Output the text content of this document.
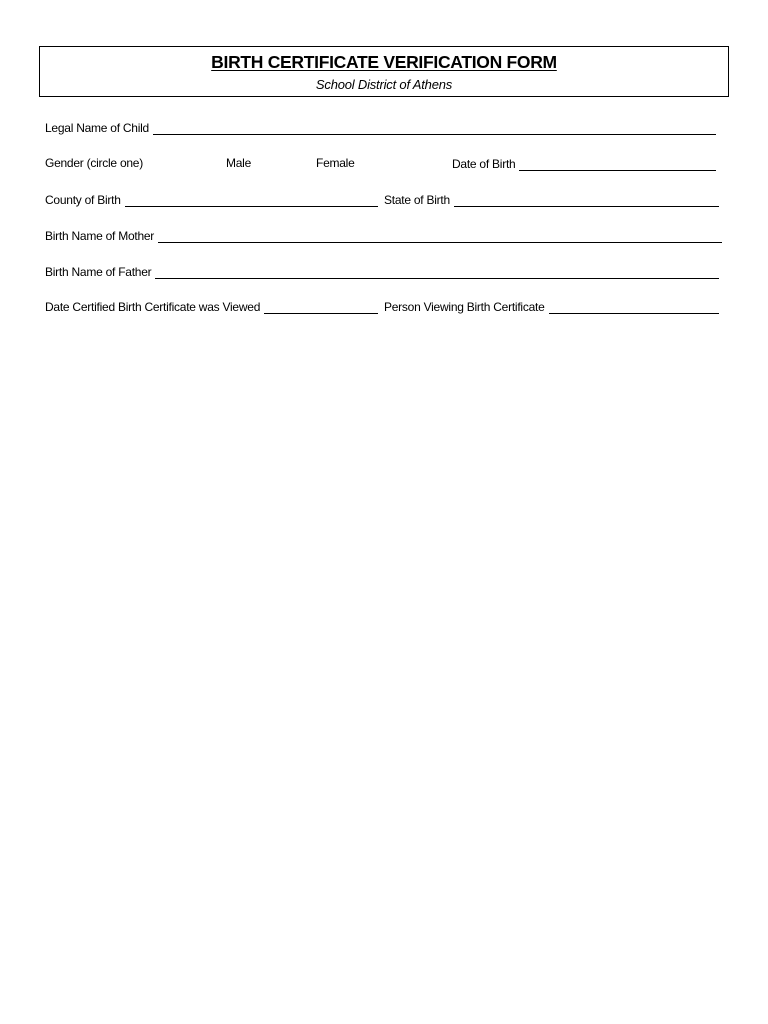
BIRTH CERTIFICATE VERIFICATION FORM
School District of Athens
Legal Name of Child
Gender (circle one)	Male	Female	Date of Birth
County of Birth	State of Birth
Birth Name of Mother
Birth Name of Father
Date Certified Birth Certificate was Viewed	Person Viewing Birth Certificate
